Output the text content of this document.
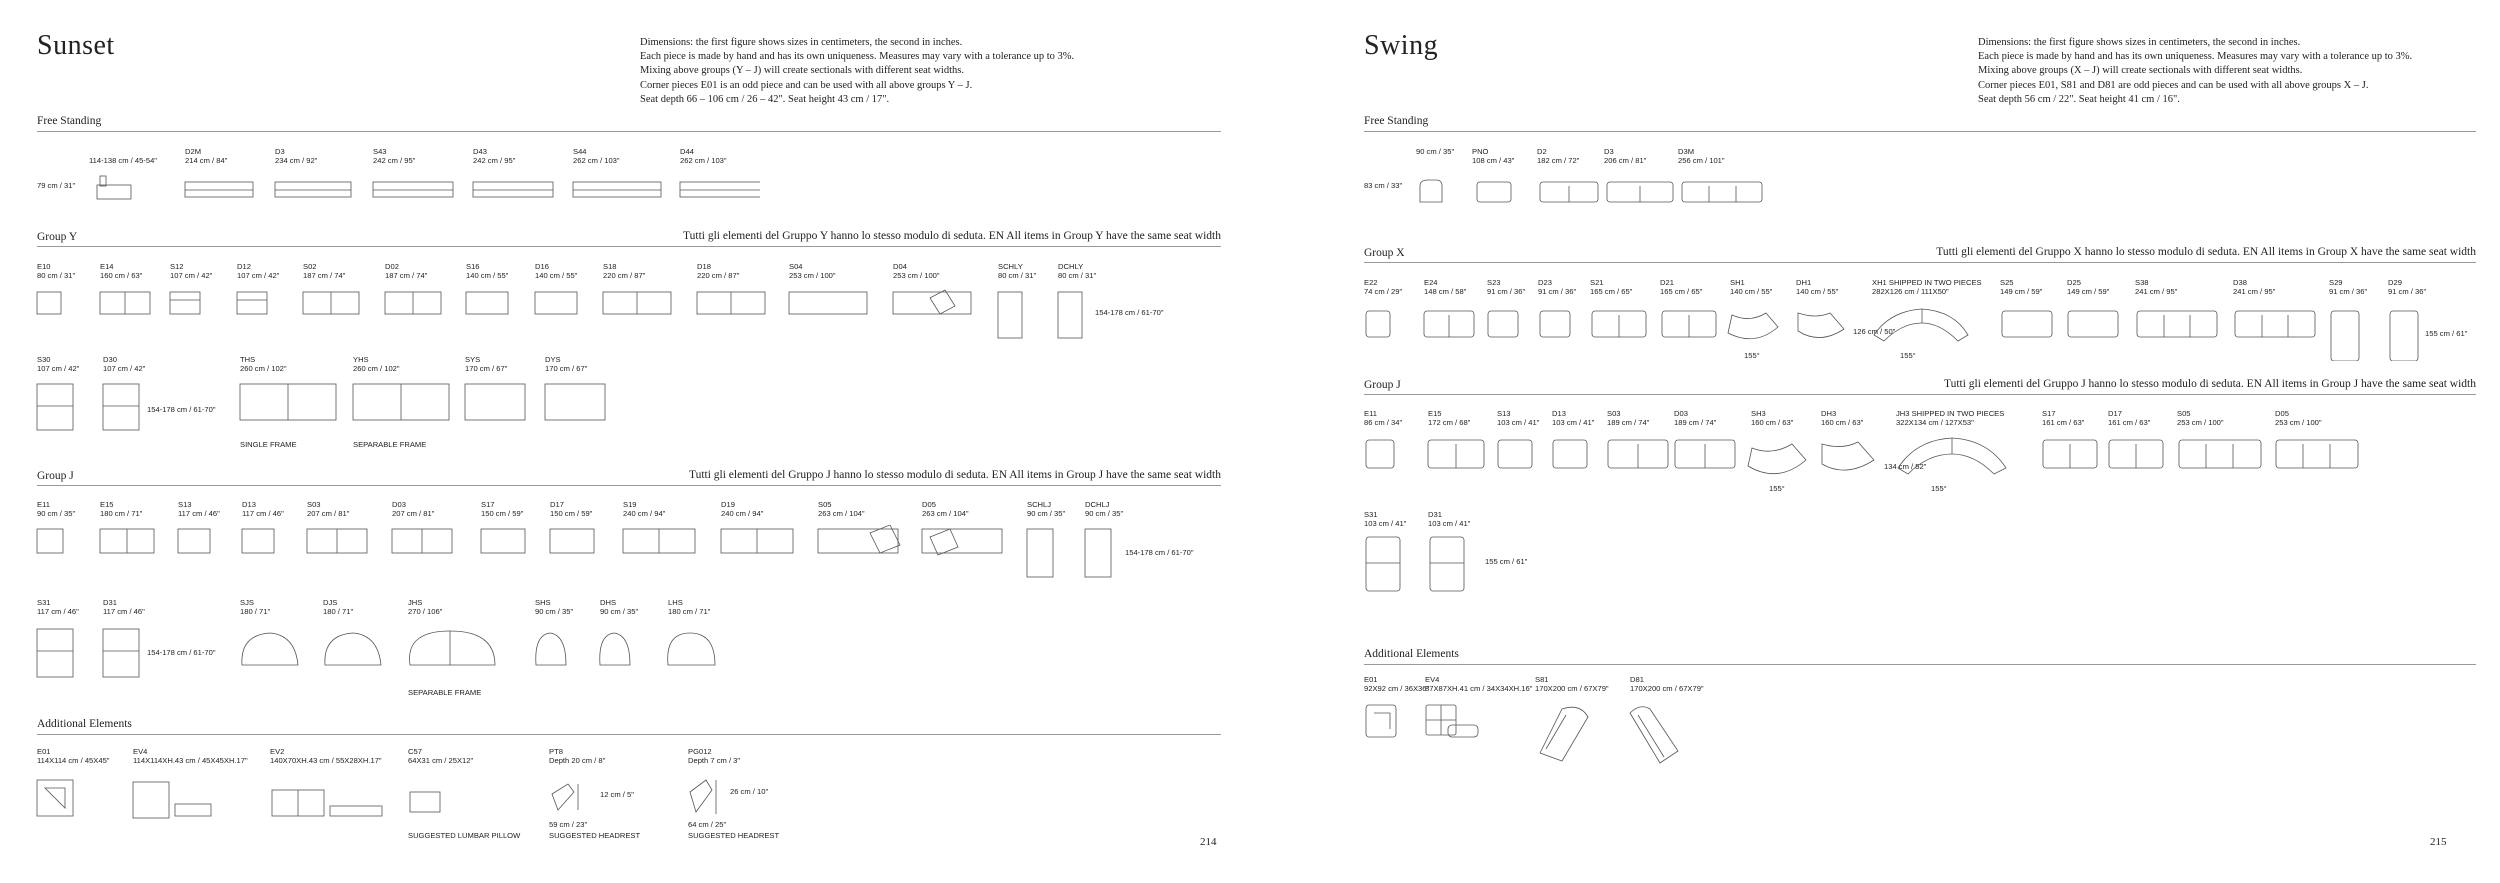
Sunset	Dimensions: the first figure shows sizes in centimeters, the second in inches.
Each piece is made by hand and has its own uniqueness. Measures may vary with a tolerance up to 3%.
Mixing above groups (Y – J) will create sectionals with different seat widths.
Corner pieces E01 is an odd piece and can be used with all above groups Y – J.
Seat depth 66 – 106 cm / 26 – 42". Seat height 43 cm / 17".
Free Standing
114-138 cm / 45-54"
D2M
214 cm / 84"
D3
234 cm / 92"
S43
242 cm / 95"
D43
242 cm / 95"
S44
262 cm / 103"
D44
262 cm / 103"
79 cm / 31"
Group Y	Tutti gli elementi del Gruppo Y hanno lo stesso modulo di seduta. EN All items in Group Y have the same seat width
E10
80 cm / 31"
E14
160 cm / 63"
S12
107 cm / 42"
D12
107 cm / 42"
S02
187 cm / 74"
D02
187 cm / 74"
S16
140 cm / 55"
D16
140 cm / 55"
S18
220 cm / 87"
D18
220 cm / 87"
S04
253 cm / 100"
D04
253 cm / 100"
SCHLY
80 cm / 31"
DCHLY
80 cm / 31"
154-178 cm / 61-70"
S30
107 cm / 42"
D30
107 cm / 42"
THS
260 cm / 102"
YHS
260 cm / 102"
SYS
170 cm / 67"
DYS
170 cm / 67"
154-178 cm / 61-70"
SINGLE FRAME	SEPARABLE FRAME
Group J	Tutti gli elementi del Gruppo J hanno lo stesso modulo di seduta. EN All items in Group J have the same seat width
E11
90 cm / 35"
E15
180 cm / 71"
S13
117 cm / 46"
D13
117 cm / 46"
S03
207 cm / 81"
D03
207 cm / 81"
S17
150 cm / 59"
D17
150 cm / 59"
S19
240 cm / 94"
D19
240 cm / 94"
S05
263 cm / 104"
D05
263 cm / 104"
SCHLJ
90 cm / 35"
DCHLJ
90 cm / 35"
154-178 cm / 61-70"
S31
117 cm / 46"
D31
117 cm / 46"
SJS
180 / 71"
DJS
180 / 71"
JHS
270 / 106"
SHS
90 cm / 35"
DHS
90 cm / 35"
LHS
180 cm / 71"
154-178 cm / 61-70"
SEPARABLE FRAME
Additional Elements
E01
114X114 cm / 45X45"
EV4
114X114XH.43 cm / 45X45XH.17"
EV2
140X70XH.43 cm / 55X28XH.17"
C57
64X31 cm / 25X12"
PT8
Depth 20 cm / 8"
PG012
Depth 7 cm / 3"
12 cm / 5"
59 cm / 23"
26 cm / 10"
64 cm / 25"
SUGGESTED LUMBAR PILLOW	SUGGESTED HEADREST	SUGGESTED HEADREST
214
Swing	Dimensions: the first figure shows sizes in centimeters, the second in inches.
Each piece is made by hand and has its own uniqueness. Measures may vary with a tolerance up to 3%.
Mixing above groups (X – J) will create sectionals with different seat widths.
Corner pieces E01, S81 and D81 are odd pieces and can be used with all above groups X – J.
Seat depth 56 cm / 22". Seat height 41 cm / 16".
Free Standing
90 cm / 35" PNO
108 cm / 43"
D2
182 cm / 72"
D3
206 cm / 81"
D3M
256 cm / 101"
83 cm / 33"
Group X	Tutti gli elementi del Gruppo X hanno lo stesso modulo di seduta. EN All items in Group X have the same seat width
E22
74 cm / 29"
E24
148 cm / 58"
S23
91 cm / 36"
D23
91 cm / 36"
S21
165 cm / 65"
D21
165 cm / 65"
SH1
140 cm / 55"
DH1
140 cm / 55"
XH1 SHIPPED IN TWO PIECES
282X126 cm / 111X50"
S25
149 cm / 59"
D25
149 cm / 59"
S38
241 cm / 95"
D38
241 cm / 95"
S29
91 cm / 36"
D29
91 cm / 36"
155°
126 cm / 50"
155°
155 cm / 61"
Group J	Tutti gli elementi del Gruppo J hanno lo stesso modulo di seduta. EN All items in Group J have the same seat width
E11
86 cm / 34"
E15
172 cm / 68"
S13
103 cm / 41"
D13
103 cm / 41"
S03
189 cm / 74"
D03
189 cm / 74"
SH3
160 cm / 63"
DH3
160 cm / 63"
JH3 SHIPPED IN TWO PIECES
322X134 cm / 127X53"
S17
161 cm / 63"
D17
161 cm / 63"
S05
253 cm / 100"
D05
253 cm / 100"
155°
134 cm / 52"
155°
S31
103 cm / 41"
D31
103 cm / 41"
155 cm / 61"
Additional Elements
E01
92X92 cm / 36X36"
EV4
87X87XH.41 cm / 34X34XH.16"
S81
170X200 cm / 67X79"
D81
170X200 cm / 67X79"
215
